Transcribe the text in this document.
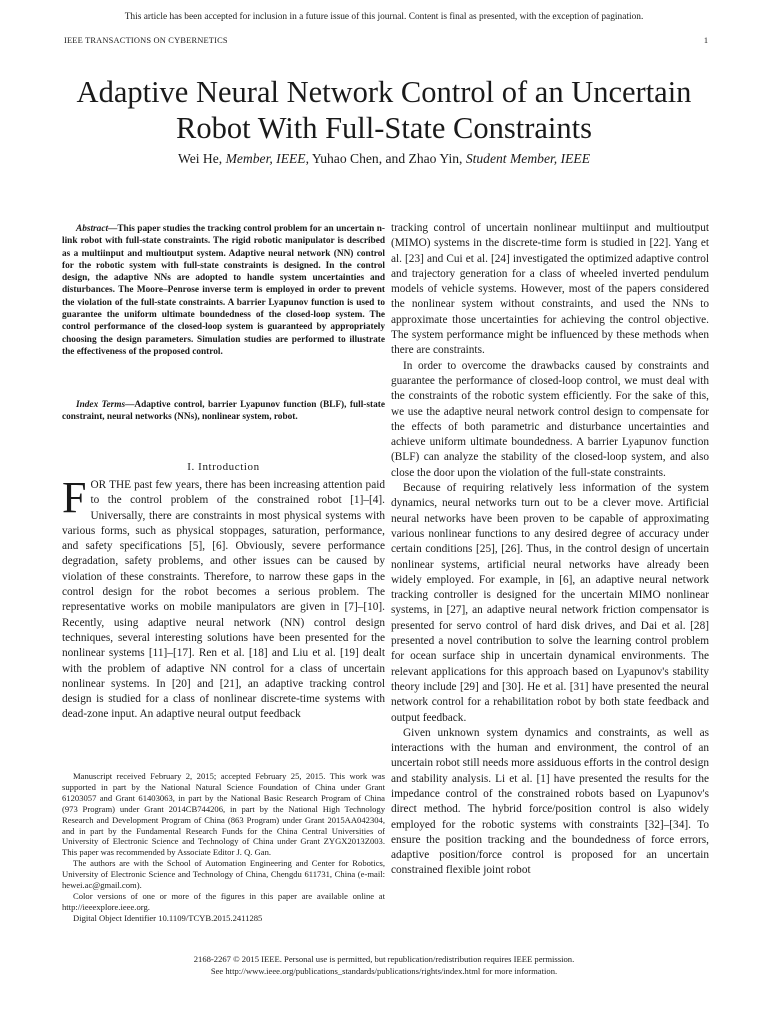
This article has been accepted for inclusion in a future issue of this journal. Content is final as presented, with the exception of pagination.
IEEE TRANSACTIONS ON CYBERNETICS	1
Adaptive Neural Network Control of an Uncertain
Robot With Full-State Constraints
Wei He, Member, IEEE, Yuhao Chen, and Zhao Yin, Student Member, IEEE

Abstract—This paper studies the tracking control problem for an uncertain n-link robot with full-state constraints. The rigid robotic manipulator is described as a multiinput and multioutput system. Adaptive neural network (NN) control for the robotic system with full-state constraints is designed. In the control design, the adaptive NNs are adopted to handle system uncertainties and disturbances. The Moore–Penrose inverse term is employed in order to prevent the violation of the full-state constraints. A barrier Lyapunov function is used to guarantee the uniform ultimate boundedness of the closed-loop system. The control performance of the closed-loop system is guaranteed by appropriately choosing the design parameters. Simulation studies are performed to illustrate the effectiveness of the proposed control.

Index Terms—Adaptive control, barrier Lyapunov function (BLF), full-state constraint, neural networks (NNs), nonlinear system, robot.

I. Introduction

FOR THE past few years, there has been increasing attention paid to the control problem of the constrained robot [1]–[4]. Universally, there are constraints in most physical systems with various forms, such as physical stoppages, saturation, performance, and safety specifications [5], [6]. Obviously, severe performance degradation, safety problems, and other issues can be caused by violation of these constraints. Therefore, to narrow these gaps in the control design for the robot becomes a serious problem. The representative works on mobile manipulators are given in [7]–[10]. Recently, using adaptive neural network (NN) control design techniques, several interesting solutions have been presented for the nonlinear systems [11]–[17]. Ren et al. [18] and Liu et al. [19] dealt with the problem of adaptive NN control for a class of uncertain nonlinear systems. In [20] and [21], an adaptive tracking control design is studied for a class of nonlinear discrete-time systems with dead-zone input. An adaptive neural output feedback

Manuscript received February 2, 2015; accepted February 25, 2015. This work was supported in part by the National Natural Science Foundation of China under Grant 61203057 and Grant 61403063, in part by the National Basic Research Program of China (973 Program) under Grant 2014CB744206, in part by the National High Technology Research and Development Program of China (863 Program) under Grant 2015AA042304, and in part by the Fundamental Research Funds for the China Central Universities of University of Electronic Science and Technology of China under Grant ZYGX2013Z003. This paper was recommended by Associate Editor J. Q. Gan.

The authors are with the School of Automation Engineering and Center for Robotics, University of Electronic Science and Technology of China, Chengdu 611731, China (e-mail: hewei.ac@gmail.com).

Color versions of one or more of the figures in this paper are available online at http://ieeexplore.ieee.org.

Digital Object Identifier 10.1109/TCYB.2015.2411285

tracking control of uncertain nonlinear multiinput and multioutput (MIMO) systems in the discrete-time form is studied in [22]. Yang et al. [23] and Cui et al. [24] investigated the optimized adaptive control and trajectory generation for a class of wheeled inverted pendulum models of vehicle systems. However, most of the papers considered the nonlinear system without constraints, and used the NNs to approximate those uncertainties for achieving the control objective. The system performance might be influenced by these methods when there are constraints.

In order to overcome the drawbacks caused by constraints and guarantee the performance of closed-loop control, we must deal with the constraints of the robotic system efficiently. For the sake of this, we use the adaptive neural network control design to compensate for the effects of both parametric and disturbance uncertainties and achieve uniform ultimate boundedness. A barrier Lyapunov function (BLF) can analyze the stability of the closed-loop system, and also close the door upon the violation of the full-state constraints.

Because of requiring relatively less information of the system dynamics, neural networks turn out to be a clever move. Artificial neural networks have been proven to be capable of approximating various nonlinear functions to any desired degree of accuracy under certain conditions [25], [26]. Thus, in the control design of uncertain nonlinear systems, artificial neural networks have already been widely employed. For example, in [6], an adaptive neural network tracking controller is designed for the uncertain MIMO nonlinear systems, in [27], an adaptive neural network friction compensator is presented for servo control of hard disk drives, and Dai et al. [28] presented a novel contribution to solve the learning control problem for ocean surface ship in uncertain dynamical environments. The relevant applications for this approach based on Lyapunov's stability theory include [29] and [30]. He et al. [31] have presented the neural network control for a rehabilitation robot by both state feedback and output feedback.

Given unknown system dynamics and constraints, as well as interactions with the human and environment, the control of an uncertain robot still needs more assiduous efforts in the control design and stability analysis. Li et al. [1] have presented the results for the impedance control of the constrained robots based on Lyapunov's direct method. The hybrid force/position control is also widely employed for the robotic systems with constraints [32]–[34]. To ensure the position tracking and the boundedness of force errors, adaptive position/force control is proposed for an uncertain constrained flexible joint robot

2168-2267 © 2015 IEEE. Personal use is permitted, but republication/redistribution requires IEEE permission.
See http://www.ieee.org/publications_standards/publications/rights/index.html for more information.
